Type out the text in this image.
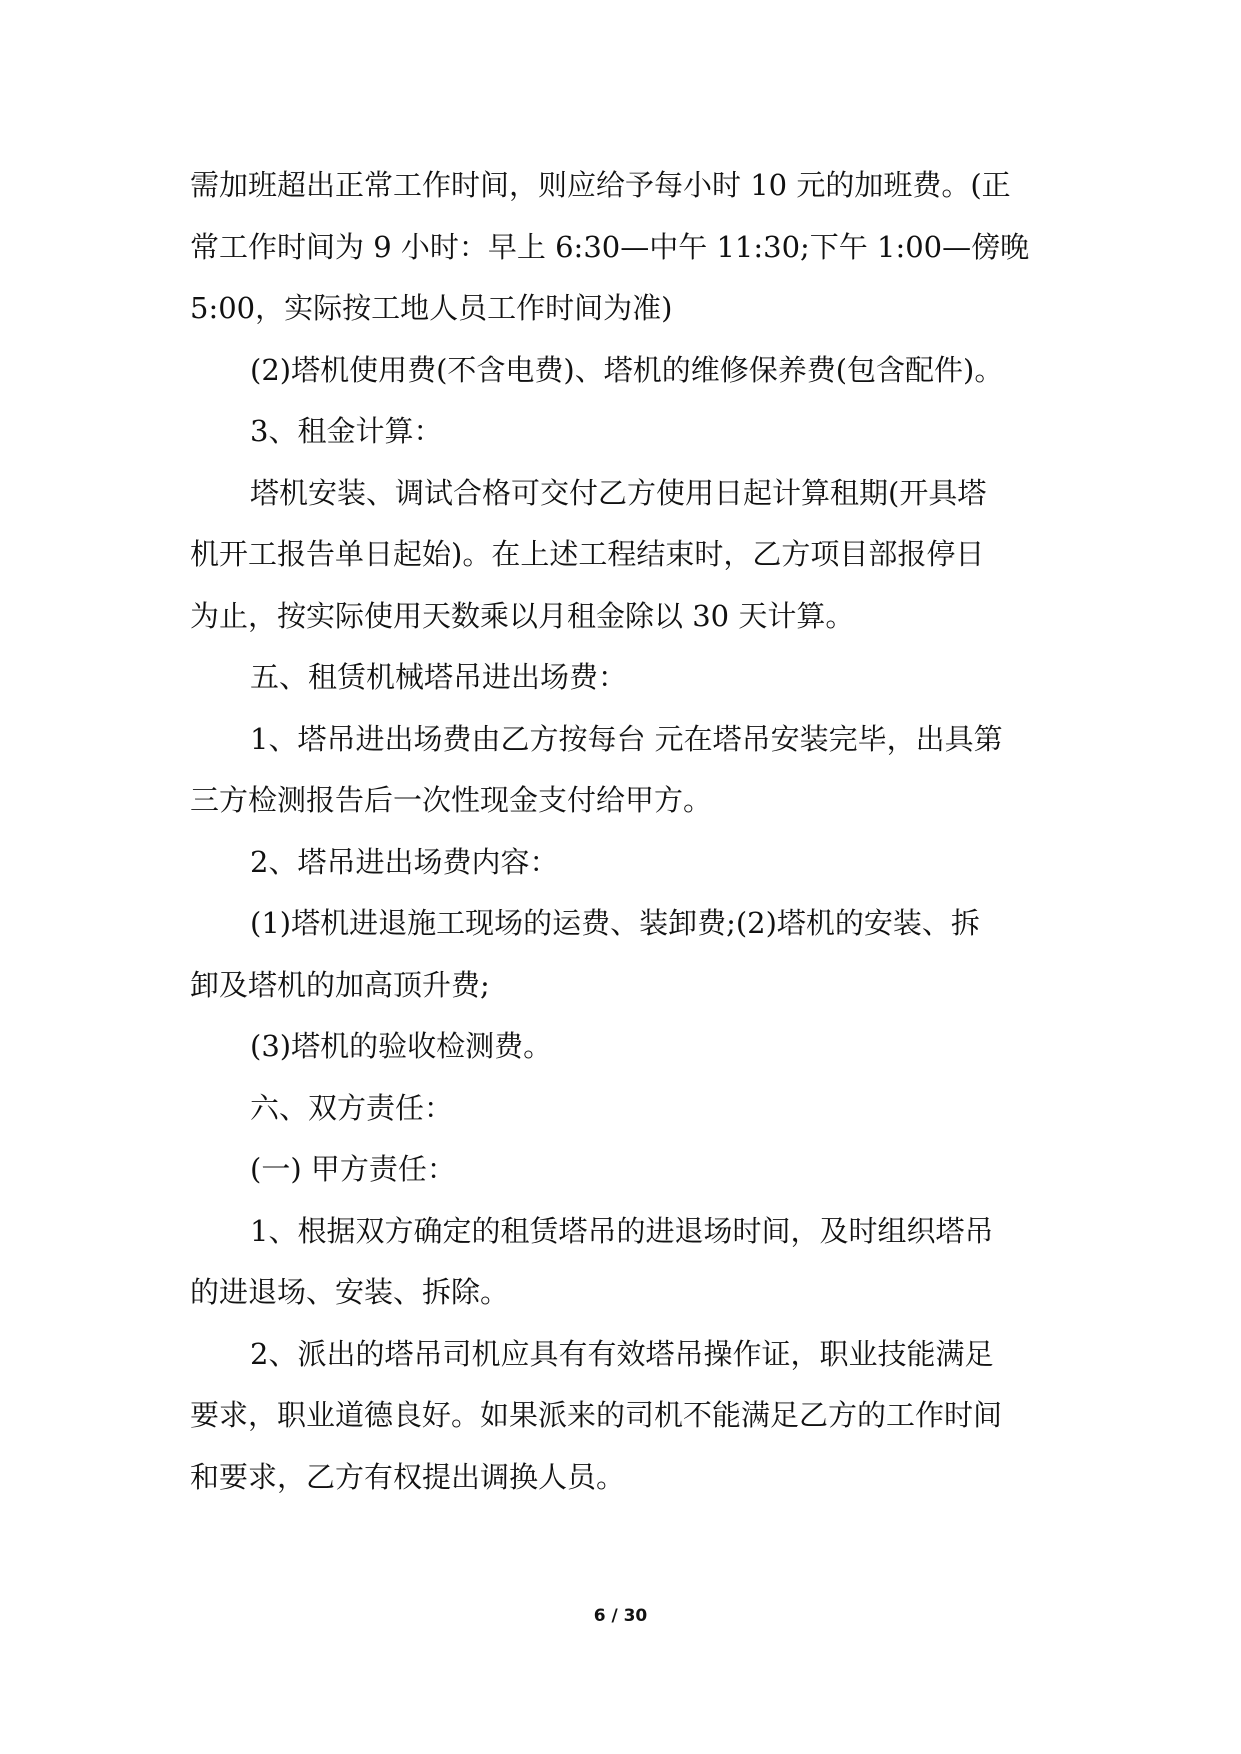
需加班超出正常工作时间，则应给予每小时 10 元的加班费。(正
常工作时间为 9 小时：早上 6:30—中午 11:30;下午 1:00—傍晚
5:00，实际按工地人员工作时间为准)
(2)塔机使用费(不含电费)、塔机的维修保养费(包含配件)。
3、租金计算：
塔机安装、调试合格可交付乙方使用日起计算租期(开具塔
机开工报告单日起始)。在上述工程结束时，乙方项目部报停日
为止，按实际使用天数乘以月租金除以 30 天计算。
五、租赁机械塔吊进出场费：
1、塔吊进出场费由乙方按每台 元在塔吊安装完毕，出具第
三方检测报告后一次性现金支付给甲方。
2、塔吊进出场费内容：
(1)塔机进退施工现场的运费、装卸费;(2)塔机的安装、拆
卸及塔机的加高顶升费;
(3)塔机的验收检测费。
六、双方责任：
(一) 甲方责任：
1、根据双方确定的租赁塔吊的进退场时间，及时组织塔吊
的进退场、安装、拆除。
2、派出的塔吊司机应具有有效塔吊操作证，职业技能满足
要求，职业道德良好。如果派来的司机不能满足乙方的工作时间
和要求，乙方有权提出调换人员。
6 / 30
